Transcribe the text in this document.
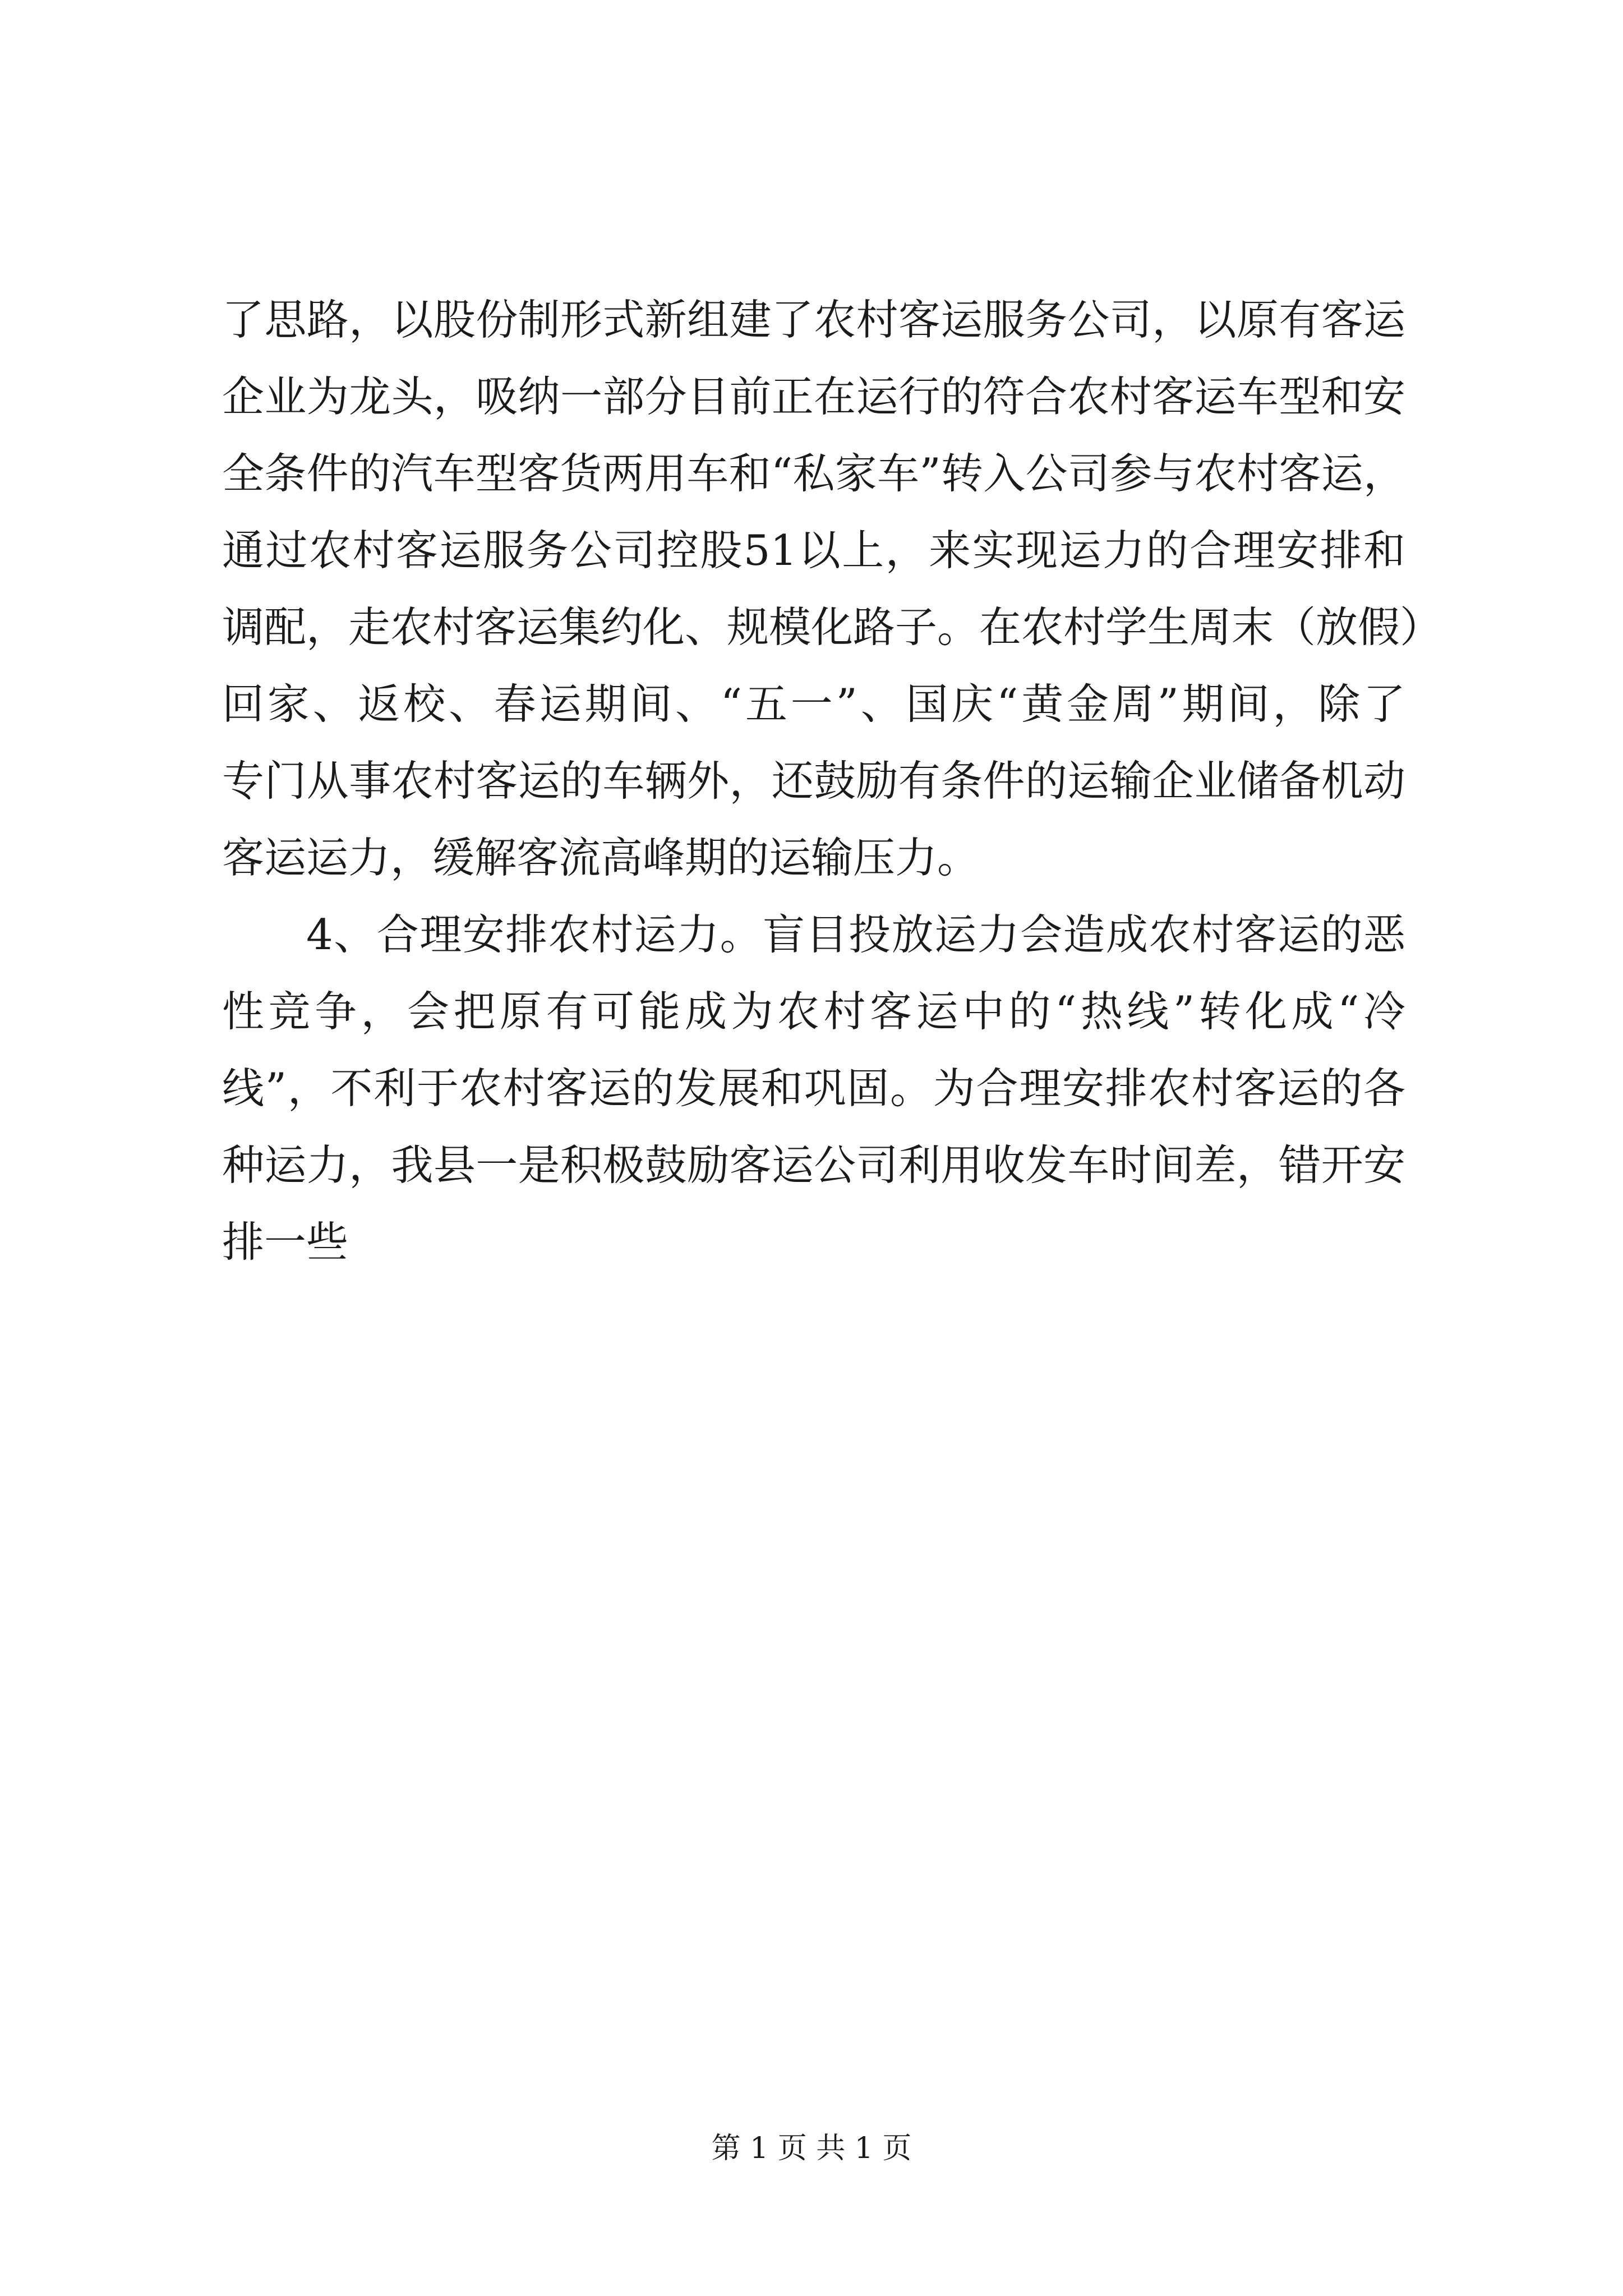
了思路，以股份制形式新组建了农村客运服务公司，以原有客运
企业为龙头，吸纳一部分目前正在运行的符合农村客运车型和安
全条件的汽车型客货两用车和“私家车”转入公司参与农村客运，
通过农村客运服务公司控股51以上，来实现运力的合理安排和
调配，走农村客运集约化、规模化路子。在农村学生周末（放假）
回家、返校、春运期间、“五一”、国庆“黄金周”期间，除了
专门从事农村客运的车辆外，还鼓励有条件的运输企业储备机动
客运运力，缓解客流高峰期的运输压力。
4、合理安排农村运力。盲目投放运力会造成农村客运的恶
性竞争，会把原有可能成为农村客运中的“热线”转化成“冷
线”，不利于农村客运的发展和巩固。为合理安排农村客运的各
种运力，我县一是积极鼓励客运公司利用收发车时间差，错开安
排一些
第 1 页 共 1 页
